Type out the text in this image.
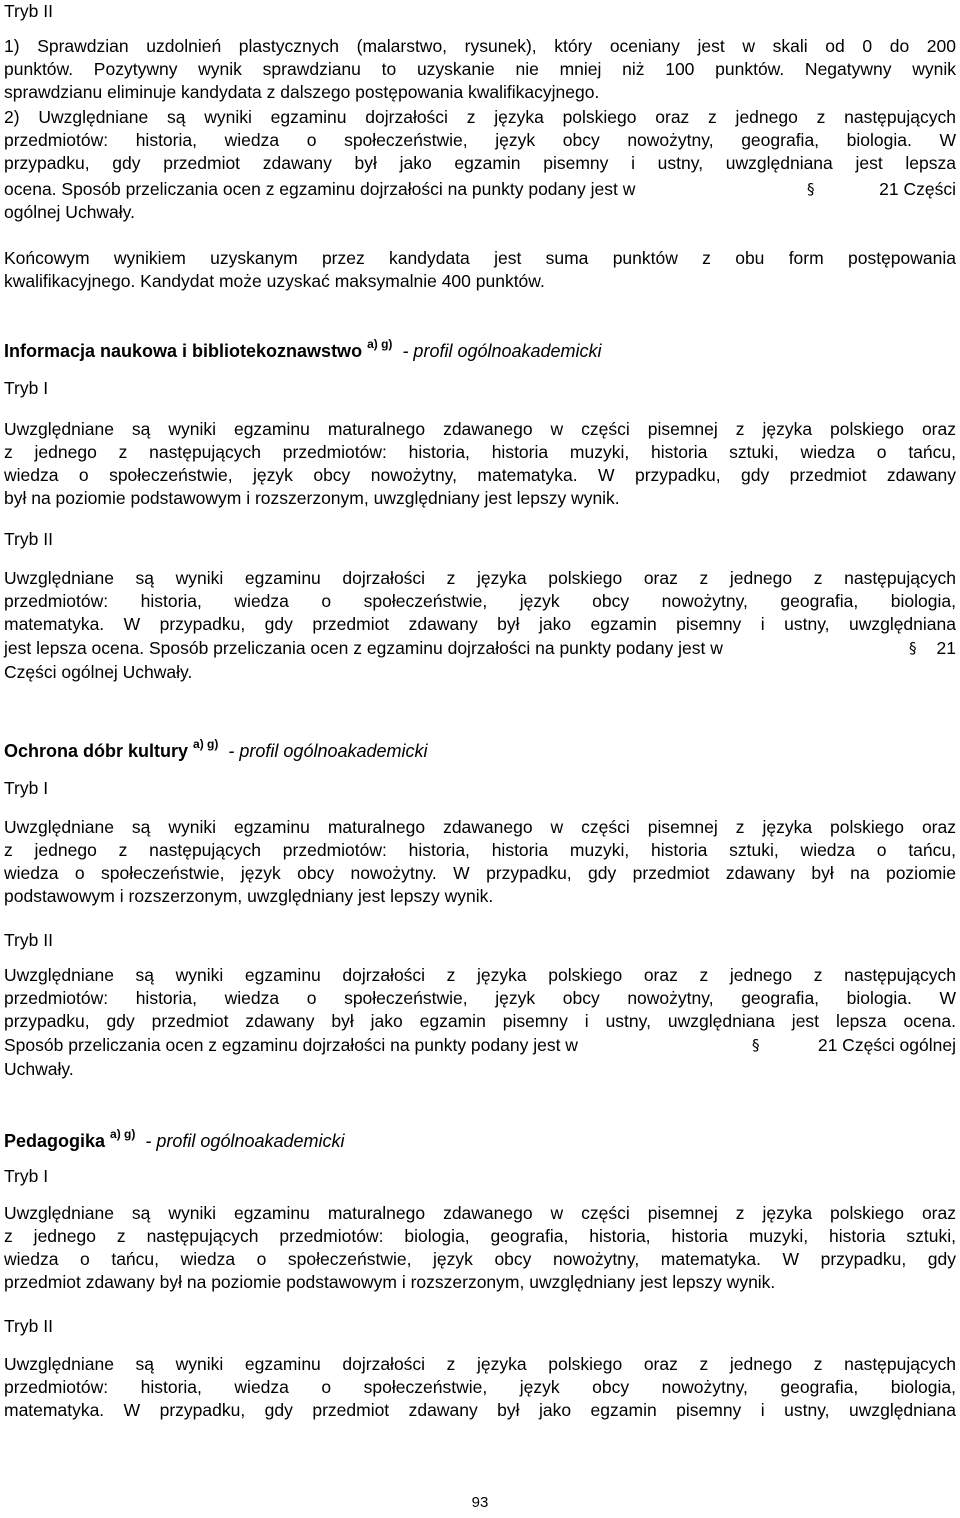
Tryb II
1) Sprawdzian uzdolnień plastycznych (malarstwo, rysunek), który oceniany jest w skali od 0 do 200
punktów. Pozytywny wynik sprawdzianu to uzyskanie nie mniej niż 100 punktów. Negatywny wynik
sprawdzianu eliminuje kandydata z dalszego postępowania kwalifikacyjnego.
2) Uwzględniane są wyniki egzaminu dojrzałości z języka polskiego oraz z jednego z następujących
przedmiotów: historia, wiedza o społeczeństwie, język obcy nowożytny, geografia, biologia. W
przypadku, gdy przedmiot zdawany był jako egzamin pisemny i ustny, uwzględniana jest lepsza
ocena. Sposób przeliczania ocen z egzaminu dojrzałości na punkty podany jest w	§	21 Części
ogólnej Uchwały.
Końcowym wynikiem uzyskanym przez kandydata jest suma punktów z obu form postępowania
kwalifikacyjnego. Kandydat może uzyskać maksymalnie 400 punktów.
Informacja naukowa i bibliotekoznawstwo $^{a) g)}$  - profil ogólnoakademicki
Tryb I
Uwzględniane są wyniki egzaminu maturalnego zdawanego w części pisemnej z języka polskiego oraz
z jednego z następujących przedmiotów: historia, historia muzyki, historia sztuki, wiedza o tańcu,
wiedza o społeczeństwie, język obcy nowożytny, matematyka. W przypadku, gdy przedmiot zdawany
był na poziomie podstawowym i rozszerzonym, uwzględniany jest lepszy wynik.
Tryb II
Uwzględniane są wyniki egzaminu dojrzałości z języka polskiego oraz z jednego z następujących
przedmiotów: historia, wiedza o społeczeństwie, język obcy nowożytny, geografia, biologia,
matematyka. W przypadku, gdy przedmiot zdawany był jako egzamin pisemny i ustny, uwzględniana
jest lepsza ocena. Sposób przeliczania ocen z egzaminu dojrzałości na punkty podany jest w	§ 21
Części ogólnej Uchwały.
Ochrona dóbr kultury $^{a) g)}$  - profil ogólnoakademicki
Tryb I
Uwzględniane są wyniki egzaminu maturalnego zdawanego w części pisemnej z języka polskiego oraz
z jednego z następujących przedmiotów: historia, historia muzyki, historia sztuki, wiedza o tańcu,
wiedza o społeczeństwie, język obcy nowożytny. W przypadku, gdy przedmiot zdawany był na poziomie
podstawowym i rozszerzonym, uwzględniany jest lepszy wynik.
Tryb II
Uwzględniane są wyniki egzaminu dojrzałości z języka polskiego oraz z jednego z następujących
przedmiotów: historia, wiedza o społeczeństwie, język obcy nowożytny, geografia, biologia. W
przypadku, gdy przedmiot zdawany był jako egzamin pisemny i ustny, uwzględniana jest lepsza ocena.
Sposób przeliczania ocen z egzaminu dojrzałości na punkty podany jest w	§	21 Części ogólnej
Uchwały.
Pedagogika $^{a) g)}$  - profil ogólnoakademicki
Tryb I
Uwzględniane są wyniki egzaminu maturalnego zdawanego w części pisemnej z języka polskiego oraz
z jednego z następujących przedmiotów: biologia, geografia, historia, historia muzyki, historia sztuki,
wiedza o tańcu, wiedza o społeczeństwie, język obcy nowożytny, matematyka. W przypadku, gdy
przedmiot zdawany był na poziomie podstawowym i rozszerzonym, uwzględniany jest lepszy wynik.
Tryb II
Uwzględniane są wyniki egzaminu dojrzałości z języka polskiego oraz z jednego z następujących
przedmiotów: historia, wiedza o społeczeństwie, język obcy nowożytny, geografia, biologia,
matematyka. W przypadku, gdy przedmiot zdawany był jako egzamin pisemny i ustny, uwzględniana
93
